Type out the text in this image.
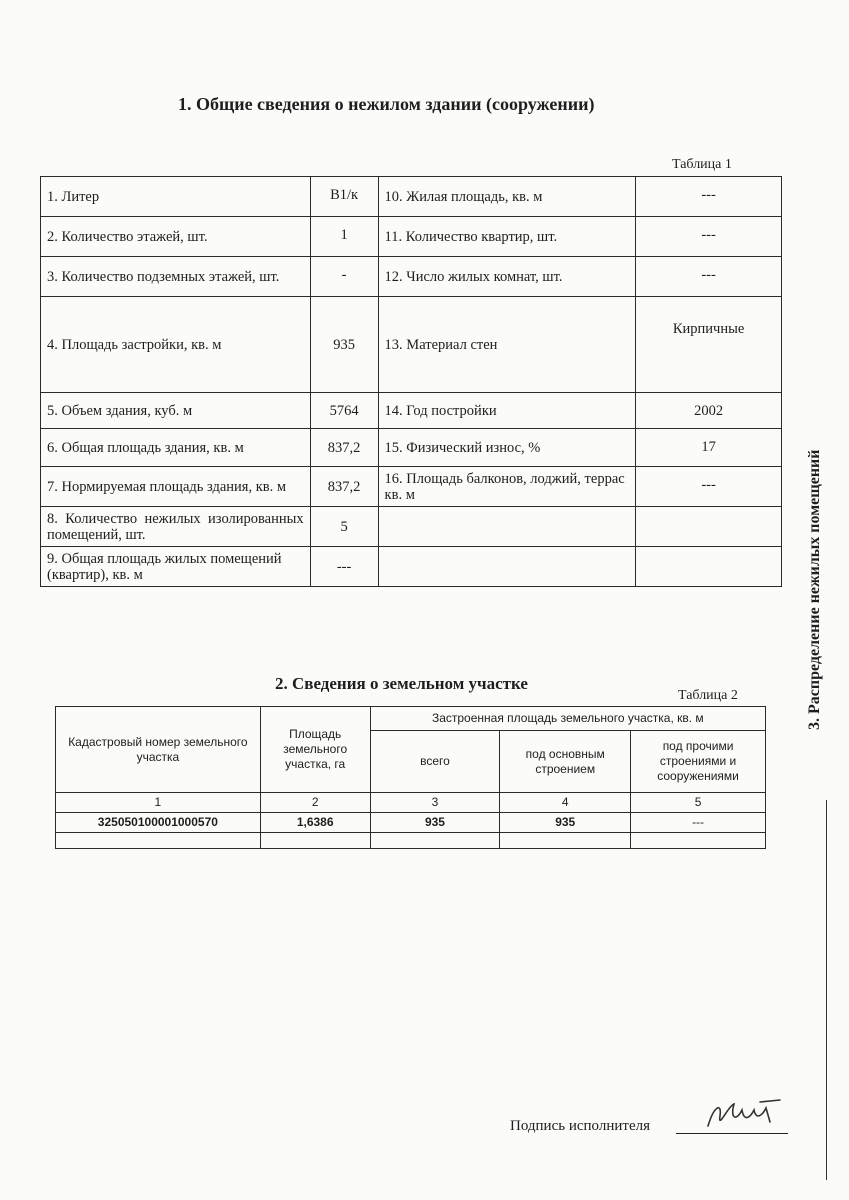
1. Общие сведения о нежилом здании (сооружении)
Таблица 1
1. Литер	В1/к	10. Жилая площадь, кв. м	---
2. Количество этажей, шт.	1	11. Количество квартир, шт.	---
3. Количество подземных этажей, шт.	-	12. Число жилых комнат, шт.	---
4. Площадь застройки, кв. м	935	13. Материал стен	Кирпичные
5. Объем здания, куб. м	5764	14. Год постройки	2002
6. Общая площадь здания, кв. м	837,2	15. Физический износ, %	17
7. Нормируемая площадь здания, кв. м	837,2	16. Площадь балконов, лоджий, террас кв. м	---
8. Количество нежилых изолированных помещений, шт.	5		
9. Общая площадь жилых помещений (квартир), кв. м	---		
2. Сведения о земельном участке
Таблица 2
Кадастровый номер земельного участка	Площадь земельного участка, га	Застроенная площадь земельного участка, кв. м		
		всего	под основным строением	под прочими строениями и сооружениями
1	2	3	4	5
325050100001000570	1,6386	935	935	---

3. Распределение нежилых помещений
Подпись исполнителя
